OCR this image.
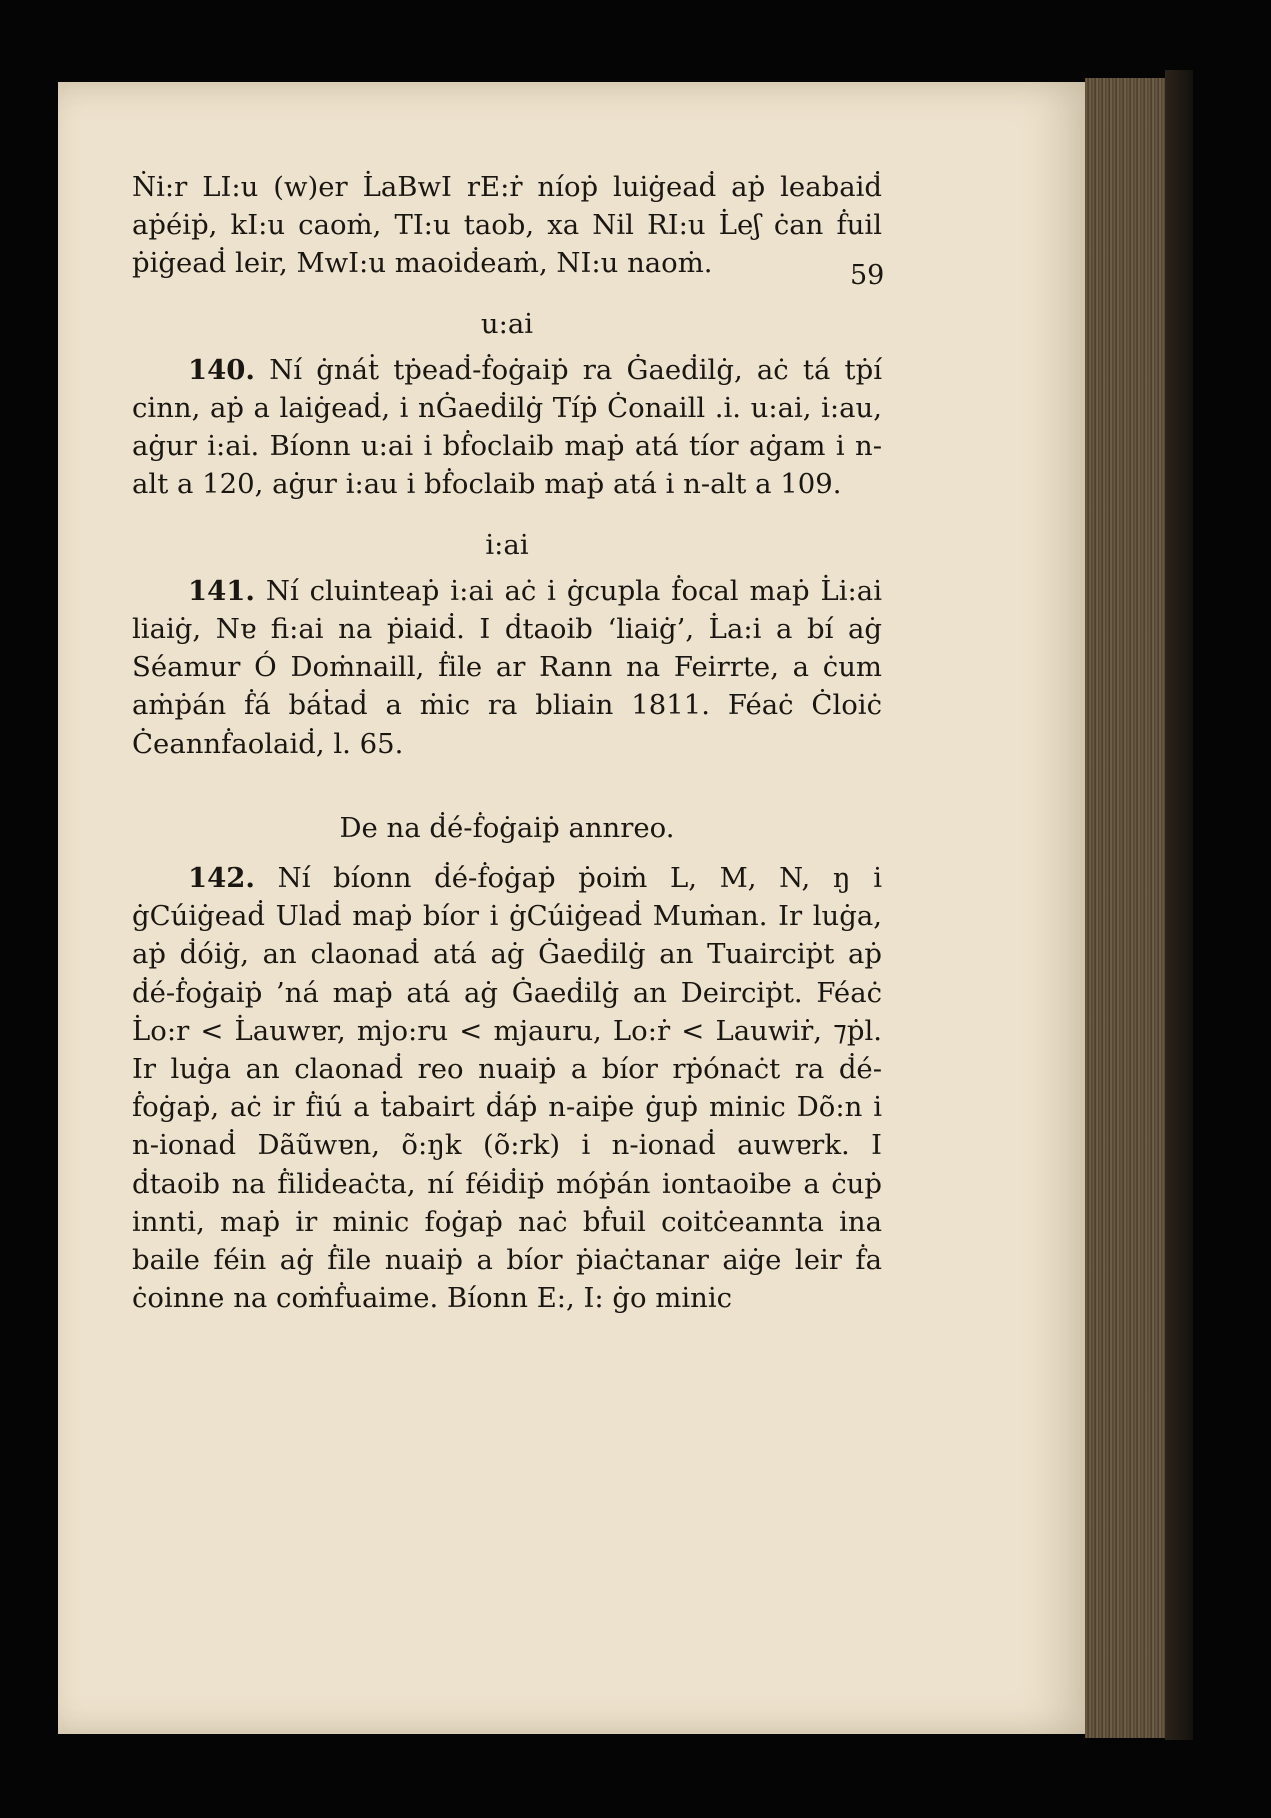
59

Ṅi:r LI:u (w)er L̇aBwI rE:ṙ níoṗ luiġeaḋ aṗ leabaiḋ aṗéiṗ, kI:u caoṁ, TI:u taob, xa Nil RI:u L̇eʃ ċan ḟuil ṗiġeaḋ leir, MwI:u maoiḋeaṁ, NI:u naoṁ.

u:ai

140. Ní ġnáṫ tṗeaḋ-ḟoġaiṗ ra Ġaeḋilġ, aċ tá tṗí cinn, aṗ a laiġeaḋ, i nĠaeḋilġ Tíṗ Ċonaill .i. u:ai, i:au, aġur i:ai. Bíonn u:ai i bḟoclaib maṗ atá tíor aġam i n-alt a 120, aġur i:au i bḟoclaib maṗ atá i n-alt a 109.

i:ai

141. Ní cluinteaṗ i:ai aċ i ġcupla ḟocal maṗ L̇i:ai liaiġ, Nɐ fi:ai na ṗiaiḋ. I ḋtaoib ‘liaiġ’, L̇a:i a bí aġ Séamur Ó Doṁnaill, ḟile ar Rann na Feirrte, a ċum aṁṗán ḟá báṫaḋ a ṁic ra bliain 1811. Féaċ Ċloiċ Ċeannḟaolaiḋ, l. 65.

De na ḋé-ḟoġaiṗ annreo.

142. Ní bíonn ḋé-ḟoġaṗ ṗoiṁ L, M, N, ŋ i ġCúiġeaḋ Ulaḋ maṗ bíor i ġCúiġeaḋ Muṁan. Ir luġa, aṗ ḋóiġ, an claonaḋ atá aġ Ġaeḋilġ an Tuairciṗt aṗ ḋé-ḟoġaiṗ ’ná maṗ atá aġ Ġaeḋilġ an Deirciṗt. Féaċ L̇o:r < L̇auwɐr, mjo:ru < mjauru, Lo:ṙ < Lauwiṙ, ⁊ṗl. Ir luġa an claonaḋ reo nuaiṗ a bíor rṗónaċt ra ḋé-ḟoġaṗ, aċ ir ḟiú a ṫabairt ḋáṗ n-aiṗe ġuṗ minic Dõ:n i n-ionaḋ Dãũwɐn, õ:ŋk (õ:rk) i n-ionaḋ auwɐrk. I ḋtaoib na ḟiliḋeaċta, ní féiḋiṗ móṗán iontaoibe a ċuṗ innti, maṗ ir minic foġaṗ naċ bḟuil coitċeannta ina baile féin aġ ḟile nuaiṗ a bíor ṗiaċtanar aiġe leir ḟa ċoinne na coṁḟuaime. Bíonn E:, I: ġo minic
